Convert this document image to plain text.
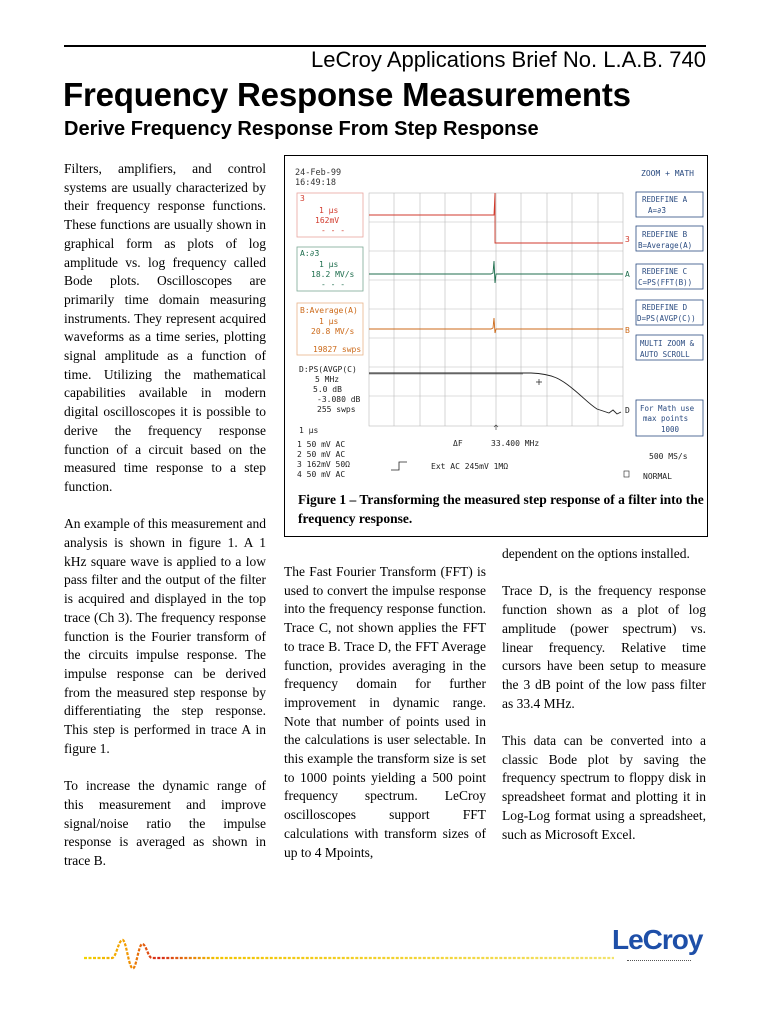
LeCroy Applications Brief No. L.A.B. 740
Frequency Response Measurements
Derive Frequency Response From Step Response

Filters, amplifiers, and control systems are usually characterized by their frequency response functions. These functions are usually shown in graphical form as plots of log amplitude vs. log frequency called Bode plots. Oscilloscopes are primarily time domain measuring instruments. They represent acquired waveforms as a time series, plotting signal amplitude as a function of time. Utilizing the mathematical capabilities available in modern digital oscilloscopes it is possible to derive the frequency response function of a circuit based on the measured time response to a step function.

An example of this measurement and analysis is shown in figure 1. A 1 kHz square wave is applied to a low pass filter and the output of the filter is acquired and displayed in the top trace (Ch 3). The frequency response function is the Fourier transform of the circuits impulse response. The impulse response can be derived from the measured step response by differentiating the step response. This step is performed in trace A in figure 1.

To increase the dynamic range of this measurement and improve signal/noise ratio the impulse response is averaged as shown in trace B.

The Fast Fourier Transform (FFT) is used to convert the impulse response into the frequency response function. Trace C, not shown applies the FFT to trace B. Trace D, the FFT Average function, provides averaging in the frequency domain for further improvement in dynamic range. Note that number of points used in the calculations is user selectable. In this example the transform size is set to 1000 points yielding a 500 point frequency spectrum. LeCroy oscilloscopes support FFT calculations with transform sizes of up to 4 Mpoints,

dependent on the options installed.

Trace D, is the frequency response function shown as a plot of log amplitude (power spectrum) vs. linear frequency. Relative time cursors have been setup to measure the 3 dB point of the low pass filter as 33.4 MHz.

This data can be converted into a classic Bode plot by saving the frequency spectrum to floppy disk in spreadsheet format and plotting it in Log-Log format using a spreadsheet, such as Microsoft Excel.

24-Feb-99
16:49:18
ZOOM + MATH
3
1 μs
162mV
- - -
A:∂̃3
1 μs
18.2 MV/s
- - -
B:Average(A)
1 μs
20.8 MV/s
19827 swps
D:PS(AVGP(C)
5 MHz
5.0 dB
-3.080 dB
255 swps
3
A
B
D
1 μs
1 50 mV AC
2 50 mV AC
3 162mV 50Ω
4 50 mV AC
ΔF	33.400 MHz
Ext AC 245mV 1MΩ
500 MS/s
NORMAL
REDEFINE A
A=∂̃3
REDEFINE B
B=Average(A)
REDEFINE C
C=PS(FFT(B))
REDEFINE D
D=PS(AVGP(C))
MULTI ZOOM &
AUTO SCROLL
For Math use
max points
1000
Figure 1 – Transforming the measured step response of a filter into the frequency response.
LeCroy
